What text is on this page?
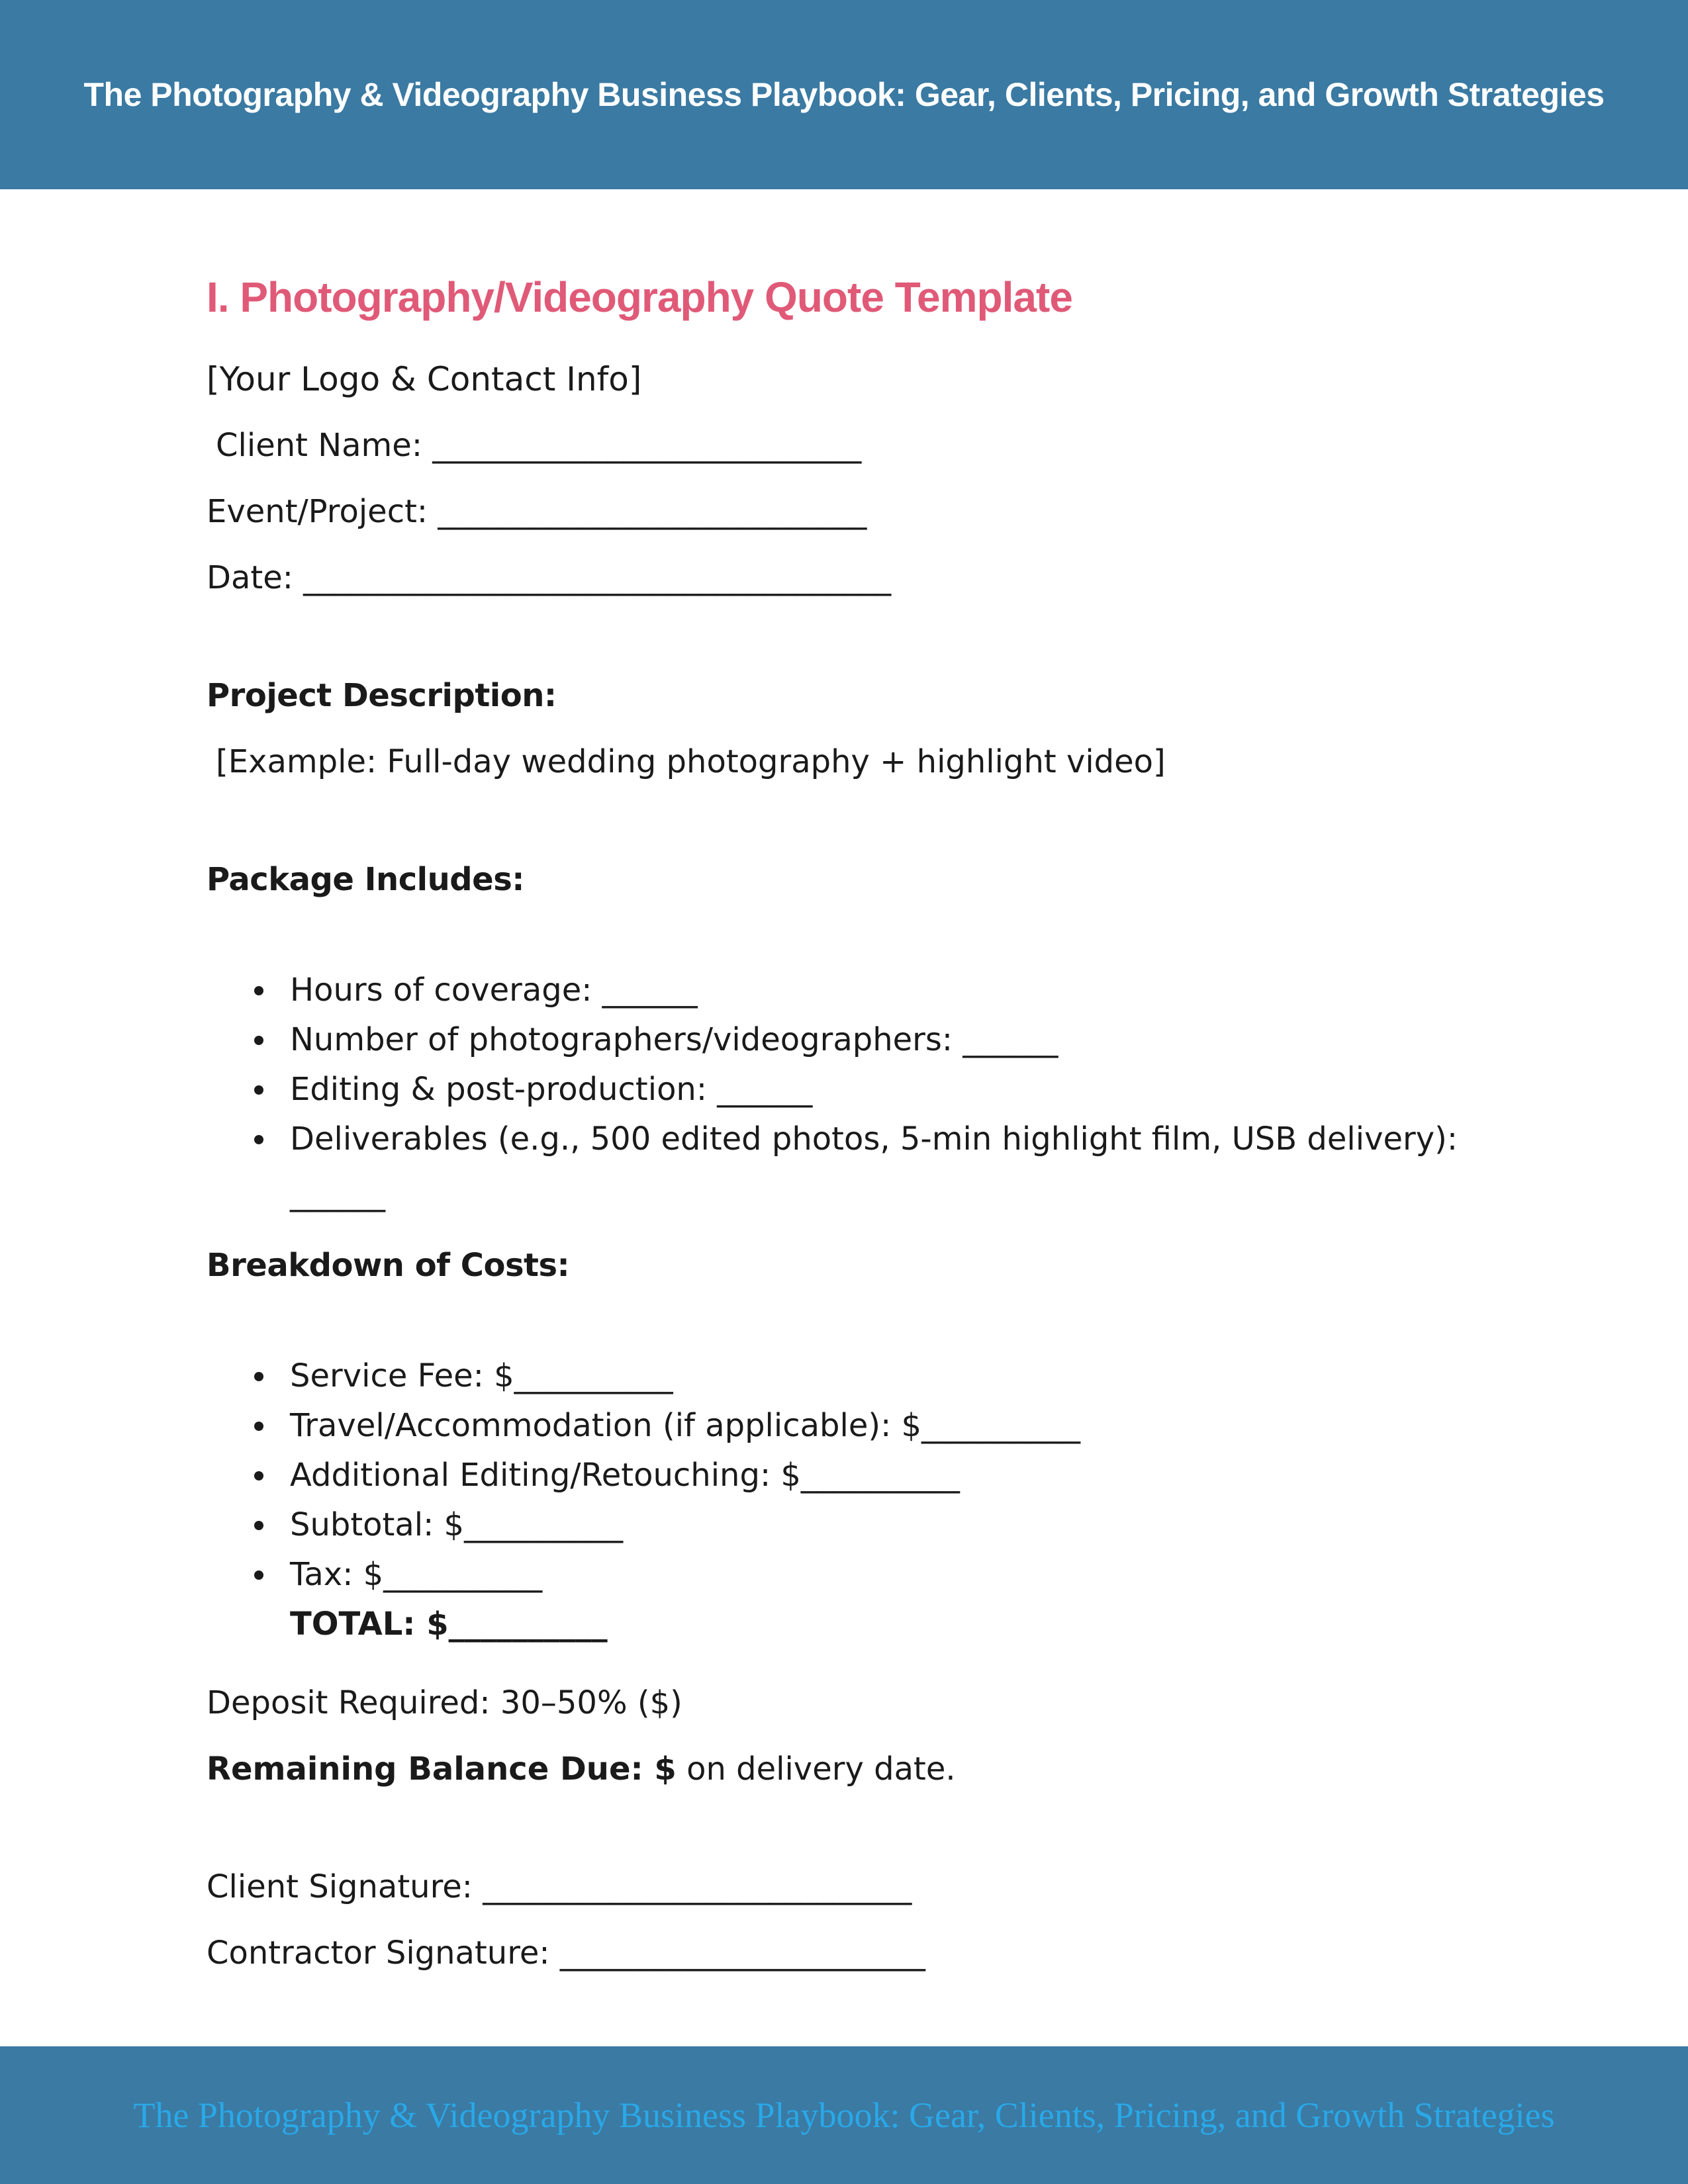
The Photography & Videography Business Playbook: Gear, Clients, Pricing, and Growth Strategies
I. Photography/Videography Quote Template
[Your Logo & Contact Info]
Client Name: ___________________________
Event/Project: ___________________________
Date: _____________________________________
Project Description:
[Example: Full-day wedding photography + highlight video]
Package Includes:
Hours of coverage: ______
Number of photographers/videographers: ______
Editing & post-production: ______
Deliverables (e.g., 500 edited photos, 5-min highlight film, USB delivery):
______
Breakdown of Costs:
Service Fee: $__________
Travel/Accommodation (if applicable): $__________
Additional Editing/Retouching: $__________
Subtotal: $__________
Tax: $__________
TOTAL: $__________
Deposit Required: 30–50% ($)
Remaining Balance Due: $ on delivery date.
Client Signature: ___________________________
Contractor Signature: _______________________
The Photography & Videography Business Playbook: Gear, Clients, Pricing, and Growth Strategies
